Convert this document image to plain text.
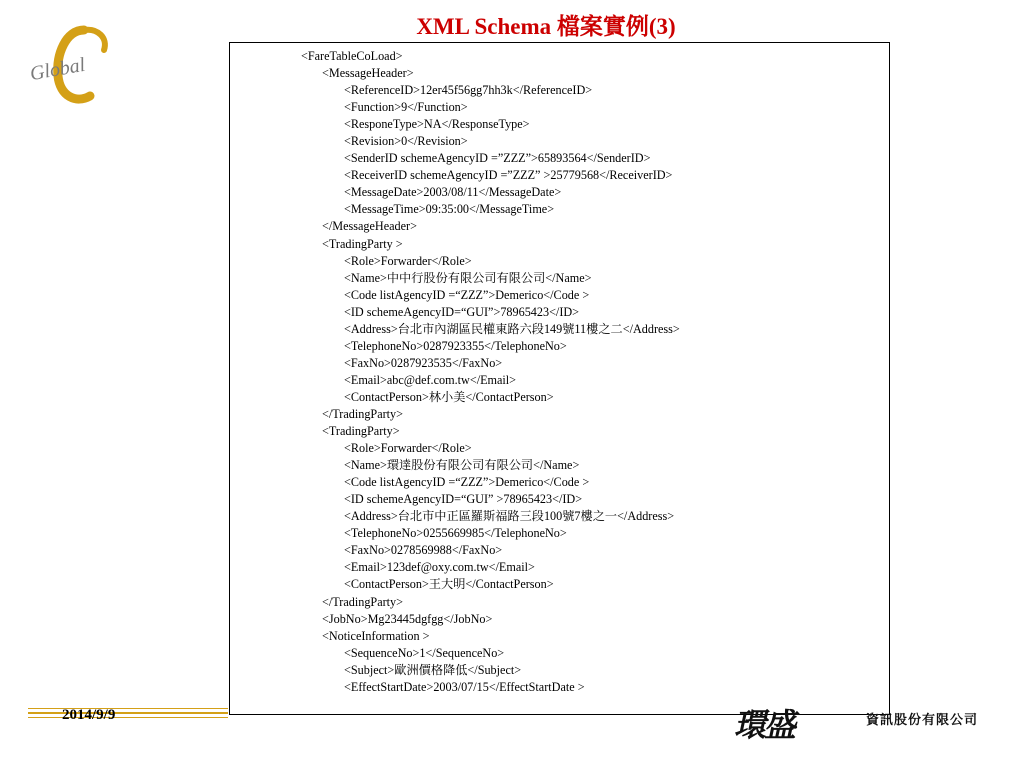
XML Schema 檔案實例(3)
Global	<FareTableCoLoad>
<MessageHeader>
<ReferenceID>12er45f56gg7hh3k</ReferenceID>
<Function>9</Function>
<ResponeType>NA</ResponseType>
<Revision>0</Revision>
<SenderID schemeAgencyID =”ZZZ”>65893564</SenderID>
<ReceiverID schemeAgencyID =”ZZZ” >25779568</ReceiverID>
<MessageDate>2003/08/11</MessageDate>
<MessageTime>09:35:00</MessageTime>
</MessageHeader>
<TradingParty >
<Role>Forwarder</Role>
<Name>中中行股份有限公司有限公司</Name>
<Code listAgencyID =“ZZZ”>Demerico</Code >
<ID schemeAgencyID=“GUI”>78965423</ID>
<Address>台北市內湖區民權東路六段149號11樓之二</Address>
<TelephoneNo>0287923355</TelephoneNo>
<FaxNo>0287923535</FaxNo>
<Email>abc@def.com.tw</Email>
<ContactPerson>林小美</ContactPerson>
</TradingParty>
<TradingParty>
<Role>Forwarder</Role>
<Name>環達股份有限公司有限公司</Name>
<Code listAgencyID =“ZZZ”>Demerico</Code >
<ID schemeAgencyID=“GUI” >78965423</ID>
<Address>台北市中正區羅斯福路三段100號7樓之一</Address>
<TelephoneNo>0255669985</TelephoneNo>
<FaxNo>0278569988</FaxNo>
<Email>123def@oxy.com.tw</Email>
<ContactPerson>王大明</ContactPerson>
</TradingParty>
<JobNo>Mg23445dgfgg</JobNo>
<NoticeInformation >
<SequenceNo>1</SequenceNo>
<Subject>歐洲價格降低</Subject>
<EffectStartDate>2003/07/15</EffectStartDate >
2014/9/9	環盛	資訊股份有限公司
